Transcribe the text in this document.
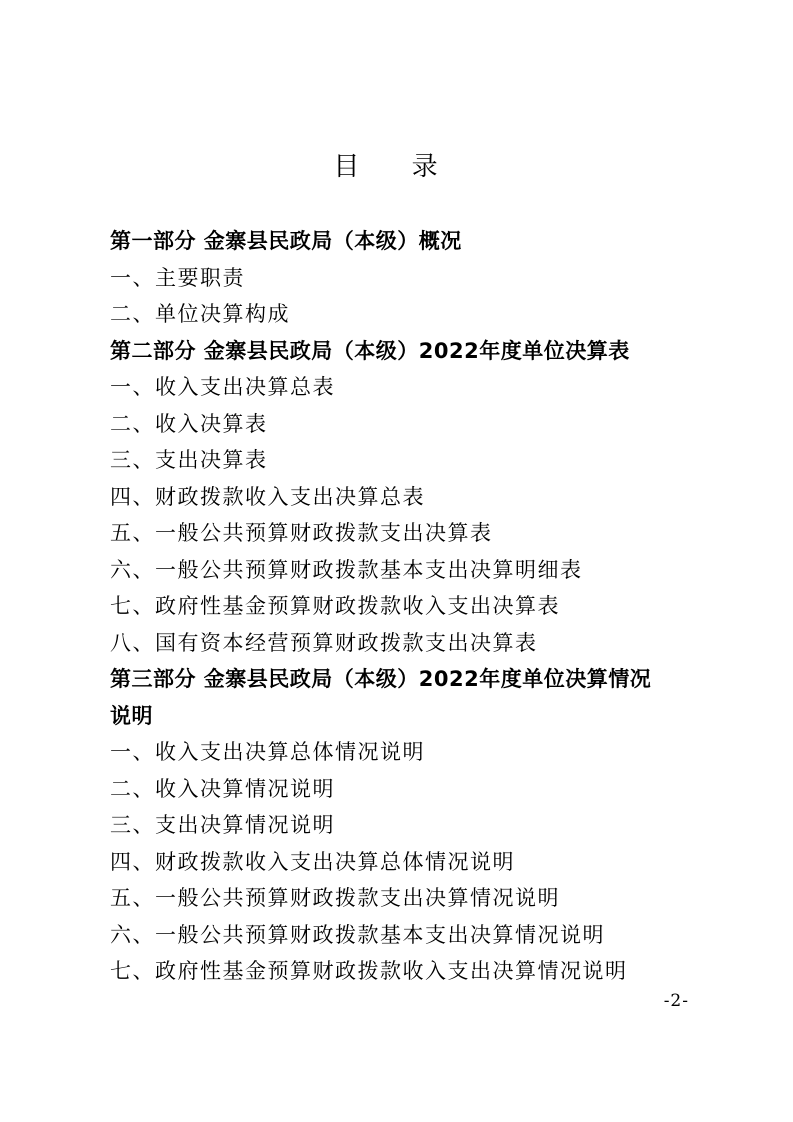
目 录
第一部分 金寨县民政局（本级）概况
一、主要职责
二、单位决算构成
第二部分 金寨县民政局（本级）2022年度单位决算表
一、收入支出决算总表
二、收入决算表
三、支出决算表
四、财政拨款收入支出决算总表
五、一般公共预算财政拨款支出决算表
六、一般公共预算财政拨款基本支出决算明细表
七、政府性基金预算财政拨款收入支出决算表
八、国有资本经营预算财政拨款支出决算表
第三部分 金寨县民政局（本级）2022年度单位决算情况
说明
一、收入支出决算总体情况说明
二、收入决算情况说明
三、支出决算情况说明
四、财政拨款收入支出决算总体情况说明
五、一般公共预算财政拨款支出决算情况说明
六、一般公共预算财政拨款基本支出决算情况说明
七、政府性基金预算财政拨款收入支出决算情况说明
-2-
